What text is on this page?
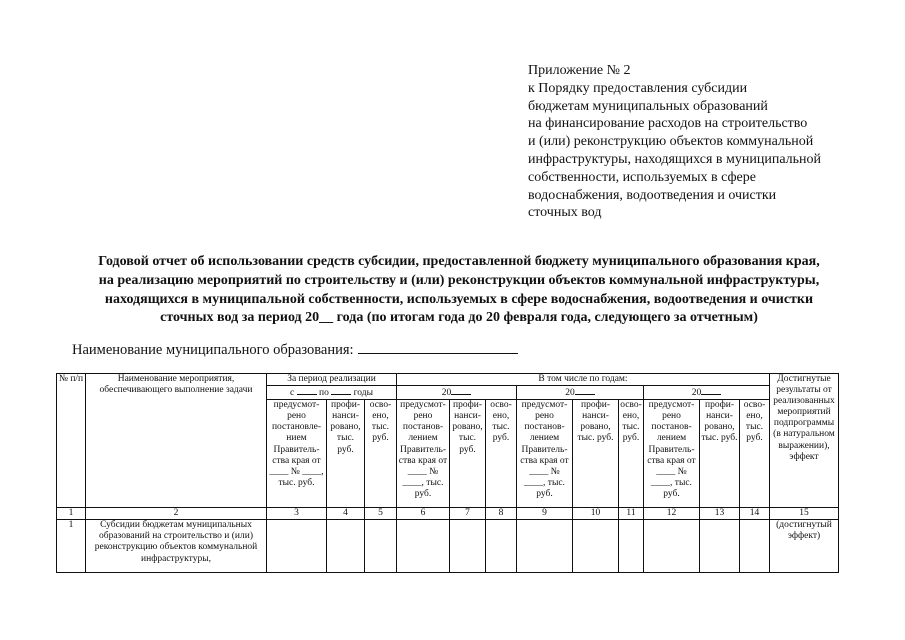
Приложение № 2
к Порядку предоставления субсидии
бюджетам муниципальных образований
на финансирование расходов на строительство
и (или) реконструкцию объектов коммунальной
инфраструктуры, находящихся в муниципальной
собственности, используемых в сфере
водоснабжения, водоотведения и очистки
сточных вод
Годовой отчет об использовании средств субсидии, предоставленной бюджету муниципального образования края,
на реализацию мероприятий по строительству и (или) реконструкции объектов коммунальной инфраструктуры,
находящихся в муниципальной собственности, используемых в сфере водоснабжения, водоотведения и очистки
сточных вод за период 20__ года (по итогам года до 20 февраля года, следующего за отчетным)
Наименование муниципального образования:
№ п/п	Наименование мероприятия, обеспечивающего выполнение задачи	За период реализации			В том числе по годам:									Достигнутые результаты от реализованных мероприятий подпрограммы (в натуральном выражении), эффект
		с по годы			20			20			20			
		предусмот-рено постановле-нием Правитель-ства края от ____ № ____, тыс. руб.	профи-нанси-ровано, тыс. руб.	осво-ено, тыс. руб.	предусмот-рено постанов-лением Правитель-ства края от ____ № ____, тыс. руб.	профи-нанси-ровано, тыс. руб.	осво-ено, тыс. руб.	предусмот-рено постанов-лением Правитель-ства края от ____ № ____, тыс. руб.	профи-нанси-ровано, тыс. руб.	осво-ено, тыс. руб.	предусмот-рено постанов-лением Правитель-ства края от ____ № ____, тыс. руб.	профи-нанси-ровано, тыс. руб.	осво-ено, тыс. руб.	
1	2	3	4	5	6	7	8	9	10	11	12	13	14	15
1	Субсидии бюджетам муниципальных образований на строительство и (или) реконструкцию объектов коммунальной инфраструктуры,													(достигнутый эффект)
